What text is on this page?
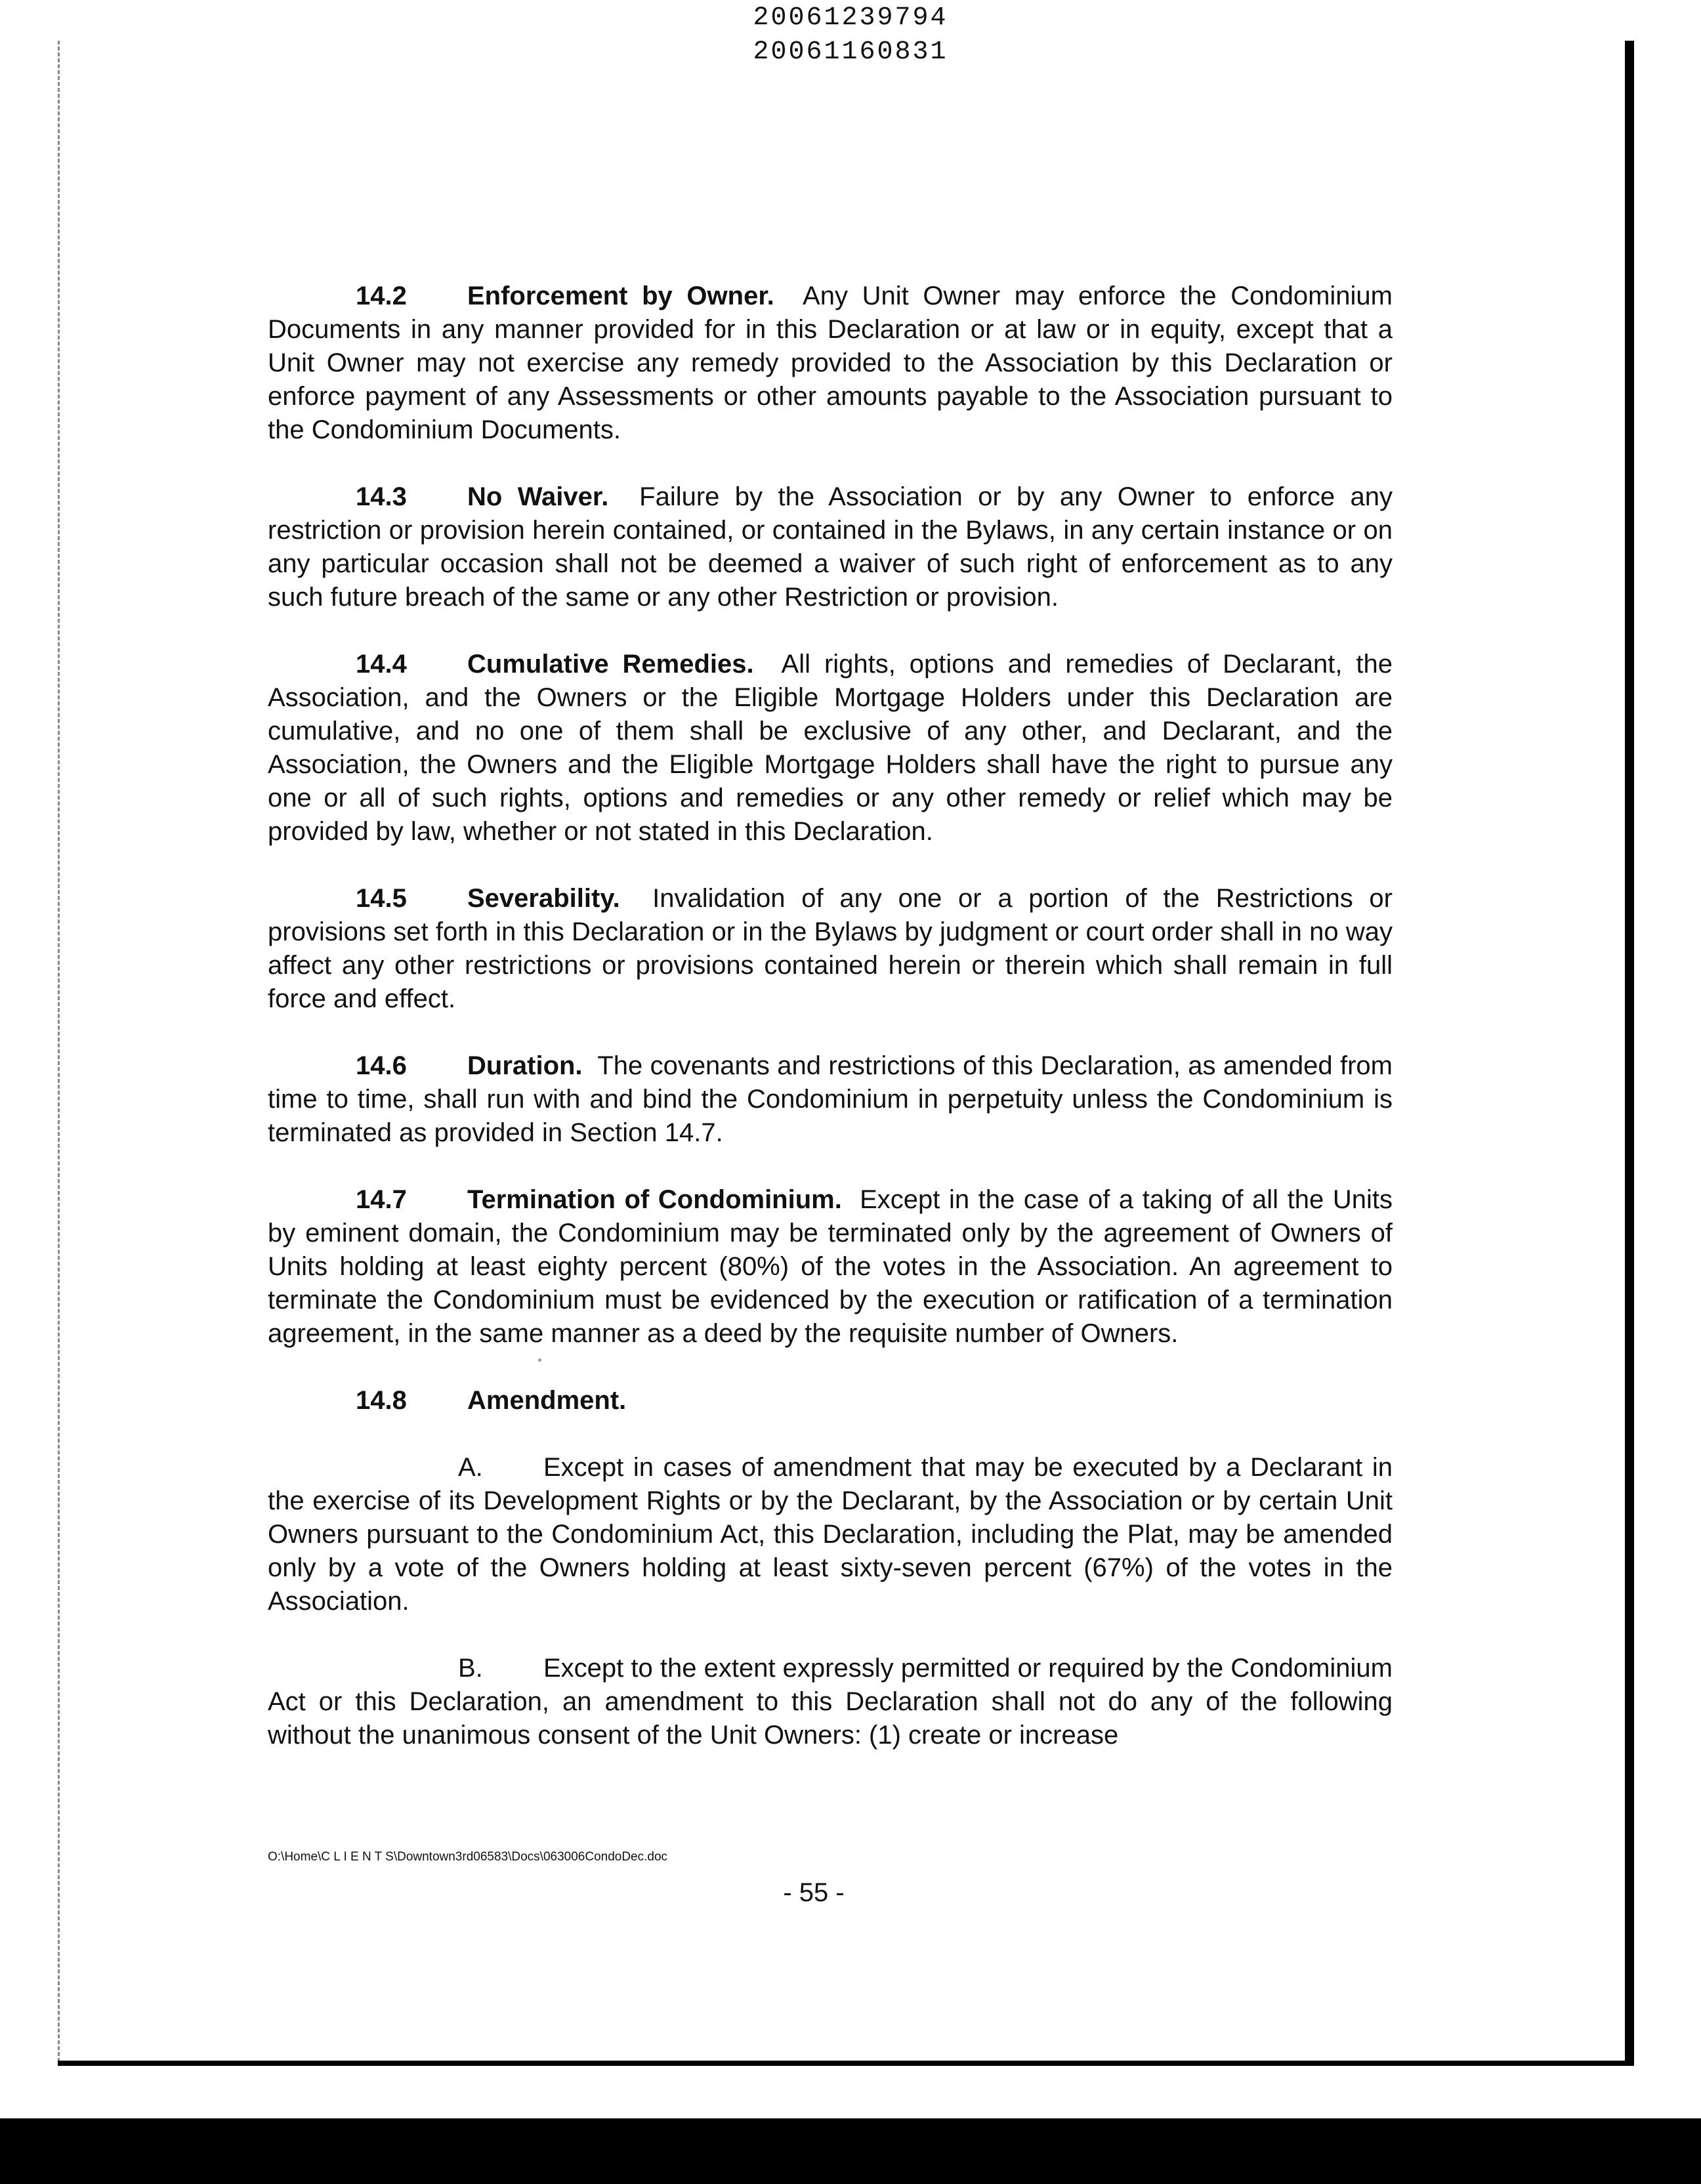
20061239794
20061160831

14.2 Enforcement by Owner. Any Unit Owner may enforce the Condominium Documents in any manner provided for in this Declaration or at law or in equity, except that a Unit Owner may not exercise any remedy provided to the Association by this Declaration or enforce payment of any Assessments or other amounts payable to the Association pursuant to the Condominium Documents.

14.3 No Waiver. Failure by the Association or by any Owner to enforce any restriction or provision herein contained, or contained in the Bylaws, in any certain instance or on any particular occasion shall not be deemed a waiver of such right of enforcement as to any such future breach of the same or any other Restriction or provision.

14.4 Cumulative Remedies. All rights, options and remedies of Declarant, the Association, and the Owners or the Eligible Mortgage Holders under this Declaration are cumulative, and no one of them shall be exclusive of any other, and Declarant, and the Association, the Owners and the Eligible Mortgage Holders shall have the right to pursue any one or all of such rights, options and remedies or any other remedy or relief which may be provided by law, whether or not stated in this Declaration.

14.5 Severability. Invalidation of any one or a portion of the Restrictions or provisions set forth in this Declaration or in the Bylaws by judgment or court order shall in no way affect any other restrictions or provisions contained herein or therein which shall remain in full force and effect.

14.6 Duration. The covenants and restrictions of this Declaration, as amended from time to time, shall run with and bind the Condominium in perpetuity unless the Condominium is terminated as provided in Section 14.7.

14.7 Termination of Condominium. Except in the case of a taking of all the Units by eminent domain, the Condominium may be terminated only by the agreement of Owners of Units holding at least eighty percent (80%) of the votes in the Association. An agreement to terminate the Condominium must be evidenced by the execution or ratification of a termination agreement, in the same manner as a deed by the requisite number of Owners.

14.8 Amendment.

A. Except in cases of amendment that may be executed by a Declarant in the exercise of its Development Rights or by the Declarant, by the Association or by certain Unit Owners pursuant to the Condominium Act, this Declaration, including the Plat, may be amended only by a vote of the Owners holding at least sixty-seven percent (67%) of the votes in the Association.

B. Except to the extent expressly permitted or required by the Condominium Act or this Declaration, an amendment to this Declaration shall not do any of the following without the unanimous consent of the Unit Owners: (1) create or increase

O:\Home\C L I E N T S\Downtown3rd06583\Docs\063006CondoDec.doc
- 55 -
